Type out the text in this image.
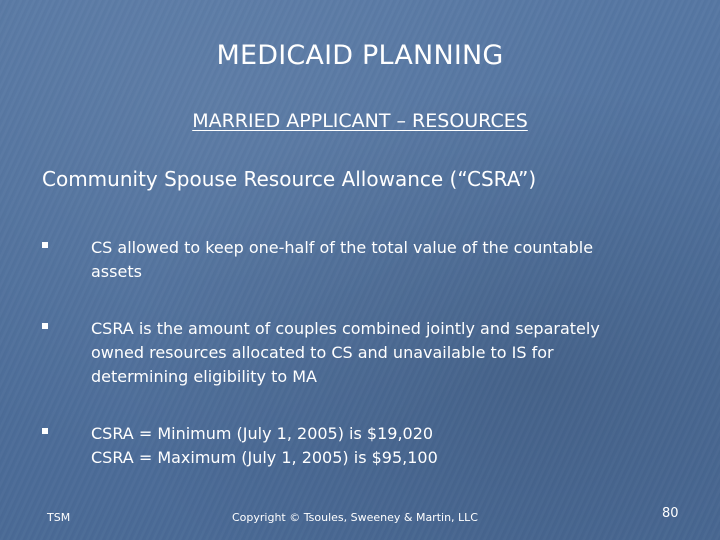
MEDICAID PLANNING
MARRIED APPLICANT – RESOURCES
Community Spouse Resource Allowance (“CSRA”)
CS allowed to keep one-half of the total value of the countable
assets
CSRA is the amount of couples combined jointly and separately
owned resources allocated to CS and unavailable to IS for
determining eligibility to MA
CSRA = Minimum (July 1, 2005) is $19,020
CSRA = Maximum (July 1, 2005) is $95,100
TSM	Copyright © Tsoules, Sweeney & Martin, LLC	80
